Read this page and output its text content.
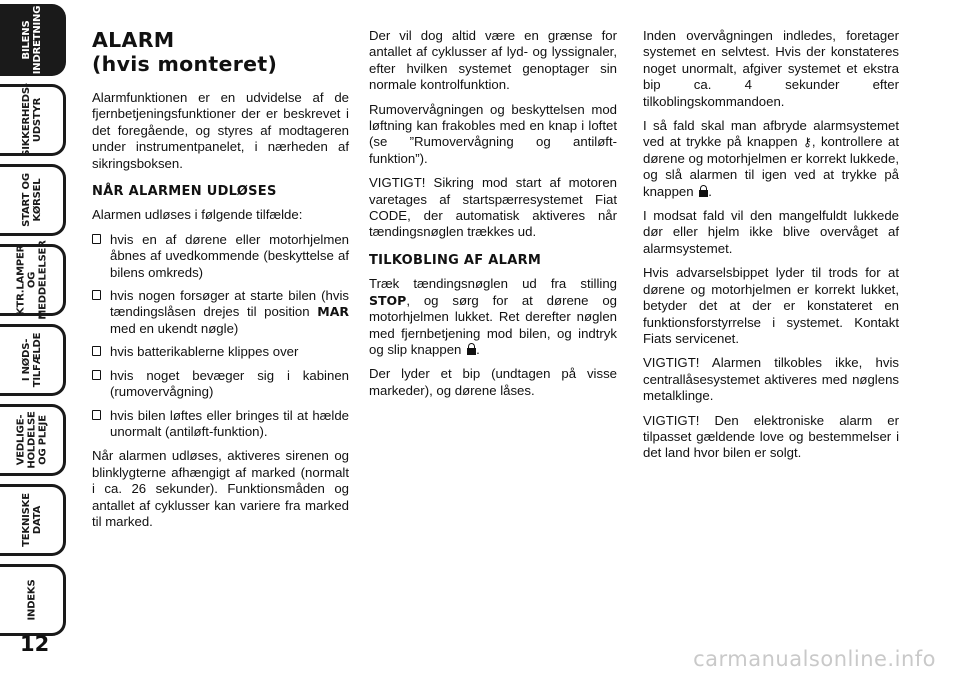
BILENS
INDRETNING
SIKKERHEDS-
UDSTYR
START OG
KØRSEL
KTR.LAMPER
OG
MEDDELELSER
I NØDS-
TILFÆLDE
VEDLIGE-
HOLDELSE
OG PLEJE
TEKNISKE
DATA
INDEKS
12
carmanualsonline.info
ALARM
(hvis monteret)

Alarmfunktionen er en udvidelse af de fjernbetjeningsfunktioner der er beskrevet i det foregående, og styres af modtageren under instrumentpanelet, i nærheden af sikringsboksen.

NÅR ALARMEN UDLØSES

Alarmen udløses i følgende tilfælde:

hvis en af dørene eller motorhjelmen åbnes af uvedkommende (beskyttelse af bilens omkreds)
hvis nogen forsøger at starte bilen (hvis tændingslåsen drejes til position MAR med en ukendt nøgle)
hvis batterikablerne klippes over
hvis noget bevæger sig i kabinen (rumovervågning)
hvis bilen løftes eller bringes til at hælde unormalt (antiløft-funktion).

Når alarmen udløses, aktiveres sirenen og blinklygterne afhængigt af marked (normalt i ca. 26 sekunder). Funktionsmåden og antallet af cyklusser kan variere fra marked til marked.

Der vil dog altid være en grænse for antallet af cyklusser af lyd- og lyssignaler, efter hvilken systemet genoptager sin normale kontrolfunktion.

Rumovervågningen og beskyttelsen mod løftning kan frakobles med en knap i loftet (se ”Rumovervågning og antiløft-funktion”).

VIGTIGT! Sikring mod start af motoren varetages af startspærresystemet Fiat CODE, der automatisk aktiveres når tændingsnøglen trækkes ud.

TILKOBLING AF ALARM

Træk tændingsnøglen ud fra stilling STOP, og sørg for at dørene og motorhjelmen lukket. Ret derefter nøglen med fjernbetjening mod bilen, og indtryk og slip knappen .

Der lyder et bip (undtagen på visse markeder), og dørene låses.

Inden overvågningen indledes, foretager systemet en selvtest. Hvis der konstateres noget unormalt, afgiver systemet et ekstra bip ca. 4 sekunder efter tilkoblingskommandoen.

I så fald skal man afbryde alarmsystemet ved at trykke på knappen ⚷, kontrollere at dørene og motorhjelmen er korrekt lukkede, og slå alarmen til igen ved at trykke på knappen .

I modsat fald vil den mangelfuldt lukkede dør eller hjelm ikke blive overvåget af alarmsystemet.

Hvis advarselsbippet lyder til trods for at dørene og motorhjelmen er korrekt lukket, betyder det at der er konstateret en funktionsforstyrrelse i systemet. Kontakt Fiats servicenet.

VIGTIGT! Alarmen tilkobles ikke, hvis centrallåsesystemet aktiveres med nøglens metalklinge.

VIGTIGT! Den elektroniske alarm er tilpasset gældende love og bestemmelser i det land hvor bilen er solgt.
